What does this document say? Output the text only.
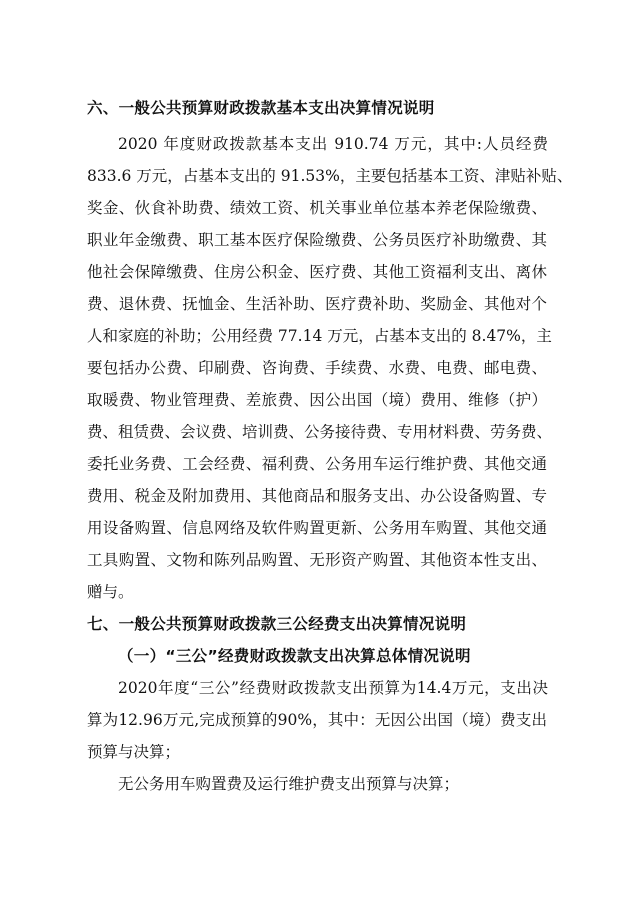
六、一般公共预算财政拨款基本支出决算情况说明
2020 年度财政拨款基本支出 910.74 万元，其中:人员经费
833.6 万元，占基本支出的 91.53%，主要包括基本工资、津贴补贴、
奖金、伙食补助费、绩效工资、机关事业单位基本养老保险缴费、
职业年金缴费、职工基本医疗保险缴费、公务员医疗补助缴费、其
他社会保障缴费、住房公积金、医疗费、其他工资福利支出、离休
费、退休费、抚恤金、生活补助、医疗费补助、奖励金、其他对个
人和家庭的补助；公用经费 77.14 万元，占基本支出的 8.47%，主
要包括办公费、印刷费、咨询费、手续费、水费、电费、邮电费、
取暖费、物业管理费、差旅费、因公出国（境）费用、维修（护）
费、租赁费、会议费、培训费、公务接待费、专用材料费、劳务费、
委托业务费、工会经费、福利费、公务用车运行维护费、其他交通
费用、税金及附加费用、其他商品和服务支出、办公设备购置、专
用设备购置、信息网络及软件购置更新、公务用车购置、其他交通
工具购置、文物和陈列品购置、无形资产购置、其他资本性支出、
赠与。
七、一般公共预算财政拨款三公经费支出决算情况说明
（一）“三公”经费财政拨款支出决算总体情况说明
2020年度“三公”经费财政拨款支出预算为14.4万元，支出决
算为12.96万元,完成预算的90%，其中：无因公出国（境）费支出
预算与决算；
无公务用车购置费及运行维护费支出预算与决算；
